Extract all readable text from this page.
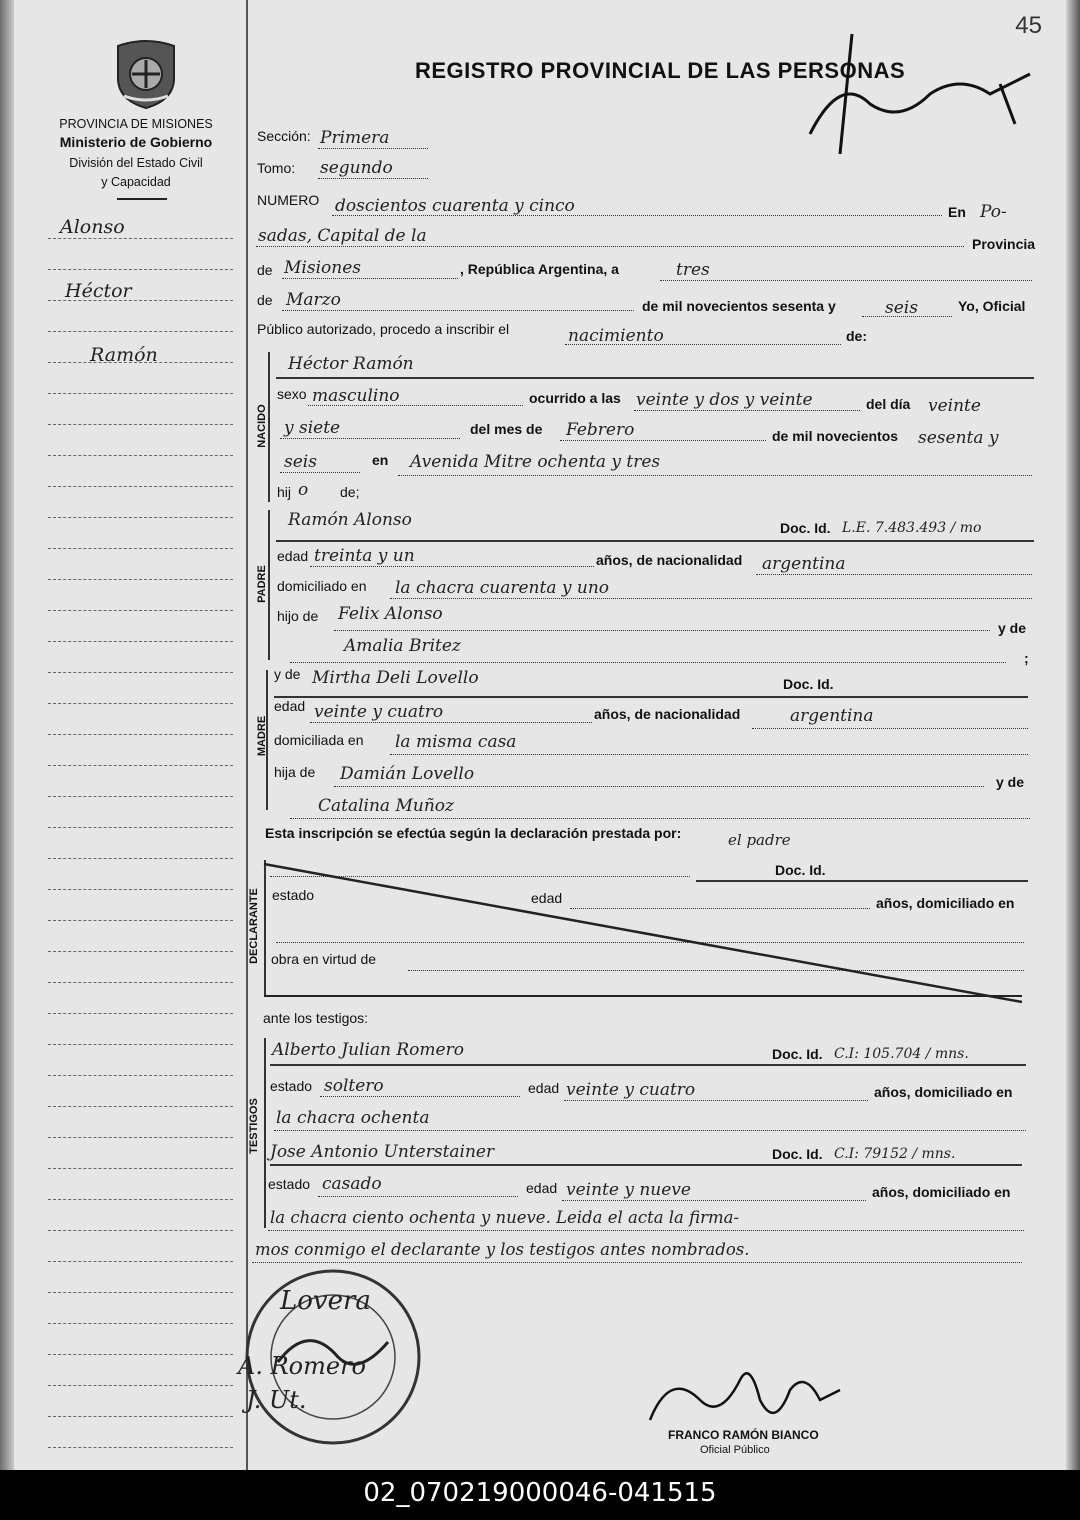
45
PROVINCIA DE MISIONES
Ministerio de Gobierno
División del Estado Civil
y Capacidad
Alonso
Héctor
Ramón
REGISTRO PROVINCIAL DE LAS PERSONAS
Sección: Primera
Tomo: segundo
NUMERO doscientos cuarenta y cinco	En Po-
sadas, Capital de la	Provincia
de Misiones	, República Argentina, a	tres
de Marzo	de mil novecientos sesenta y	seis	Yo, Oficial
Público autorizado, procedo a inscribir el	nacimiento	de:
NACIDO
Héctor Ramón
sexo masculino	ocurrido a las veinte y dos y veinte	del día veinte
y siete	del mes de Febrero	de mil novecientos sesenta y
seis	en Avenida Mitre ochenta y tres
hij o de;
PADRE
Ramón Alonso	Doc. Id. L.E. 7.483.493 / mo
edad treinta y un	años, de nacionalidad argentina
domiciliado en la chacra cuarenta y uno
hijo de Felix Alonso
y de
Amalia Britez
;
MADRE
y de Mirtha Deli Lovello	Doc. Id.
edad veinte y cuatro	años, de nacionalidad	argentina
domiciliada en la misma casa
hija de Damián Lovello	y de
Catalina Muñoz
Esta inscripción se efectúa según la declaración prestada por:	el padre
DECLARANTE
Doc. Id.
estado	edad	años, domiciliado en
obra en virtud de
ante los testigos:
TESTIGOS
Alberto Julian Romero	Doc. Id. C.I: 105.704 / mns.
estado soltero	edad veinte y cuatro	años, domiciliado en
la chacra ochenta
Jose Antonio Unterstainer	Doc. Id. C.I: 79152 / mns.
estado casado	edad veinte y nueve	años, domiciliado en
la chacra ciento ochenta y nueve. Leida el acta la firma-
mos conmigo el declarante y los testigos antes nombrados.
Lovera
A. Romero
J. Ut.
FRANCO RAMÓN BIANCO
Oficial Público
02_070219000046-041515
